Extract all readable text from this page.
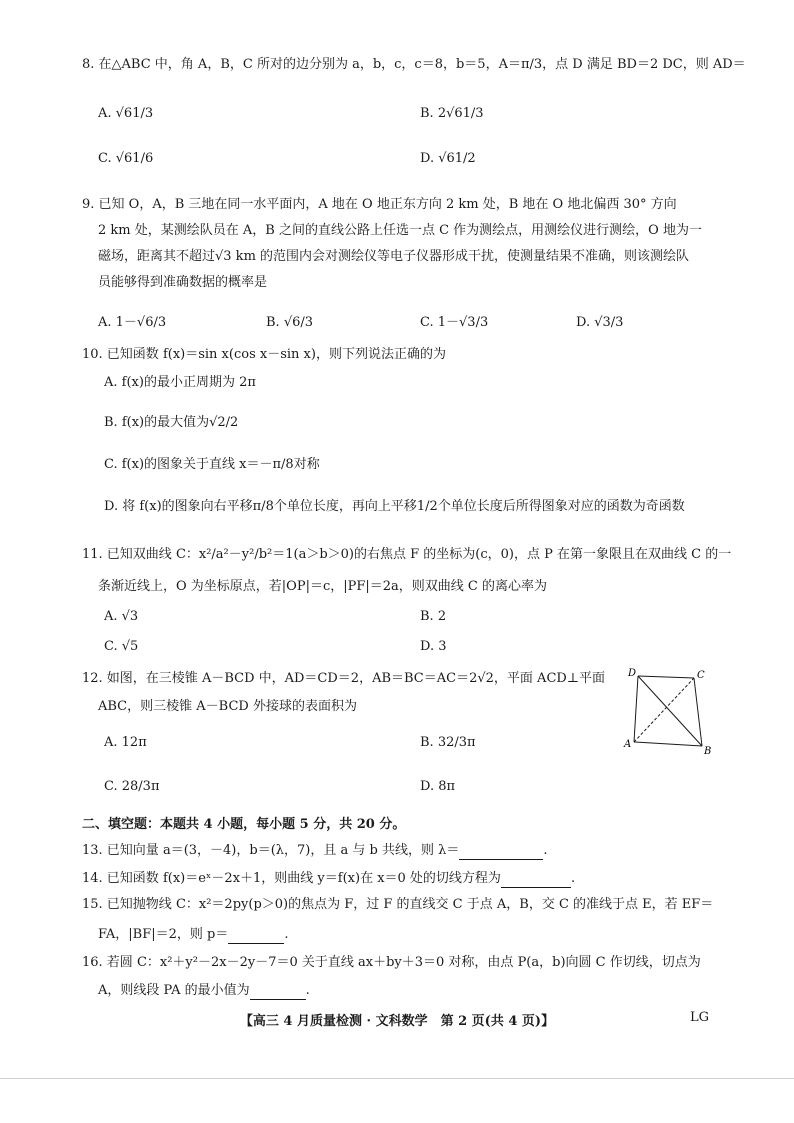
8. 在△ABC 中，角 A，B，C 所对的边分别为 a，b，c，c＝8，b＝5，A＝π/3，点 D 满足 BD＝2 DC，则 AD＝
A. √61/3	B. 2√61/3
C. √61/6	D. √61/2
9. 已知 O，A，B 三地在同一水平面内，A 地在 O 地正东方向 2 km 处，B 地在 O 地北偏西 30° 方向
2 km 处，某测绘队员在 A，B 之间的直线公路上任选一点 C 作为测绘点，用测绘仪进行测绘，O 地为一
磁场，距离其不超过√3 km 的范围内会对测绘仪等电子仪器形成干扰，使测量结果不准确，则该测绘队
员能够得到准确数据的概率是
A. 1－√6/3	B. √6/3	C. 1－√3/3	D. √3/3
10. 已知函数 f(x)＝sin x(cos x－sin x)，则下列说法正确的为
A. f(x)的最小正周期为 2π
B. f(x)的最大值为√2/2
C. f(x)的图象关于直线 x＝－π/8对称
D. 将 f(x)的图象向右平移π/8个单位长度，再向上平移1/2个单位长度后所得图象对应的函数为奇函数
11. 已知双曲线 C：x²/a²－y²/b²＝1(a＞b＞0)的右焦点 F 的坐标为(c，0)，点 P 在第一象限且在双曲线 C 的一
条渐近线上，O 为坐标原点，若|OP|＝c，|PF|＝2a，则双曲线 C 的离心率为
A. √3	B. 2
C. √5	D. 3
12. 如图，在三棱锥 A－BCD 中，AD＝CD＝2，AB＝BC＝AC＝2√2，平面 ACD⊥平面
ABC，则三棱锥 A－BCD 外接球的表面积为
A. 12π	B. 32/3π
C. 28/3π	D. 8π
D	C
A
B
二、填空题：本题共 4 小题，每小题 5 分，共 20 分。
13. 已知向量 a＝(3，－4)，b＝(λ，7)，且 a 与 b 共线，则 λ＝	.
14. 已知函数 f(x)＝eˣ－2x＋1，则曲线 y＝f(x)在 x＝0 处的切线方程为	.
15. 已知抛物线 C：x²＝2py(p＞0)的焦点为 F，过 F 的直线交 C 于点 A，B，交 C 的准线于点 E，若 EF＝
FA，|BF|＝2，则 p＝	.
16. 若圆 C：x²＋y²－2x－2y－7＝0 关于直线 ax＋by＋3＝0 对称，由点 P(a，b)向圆 C 作切线，切点为
A，则线段 PA 的最小值为	.
【高三 4 月质量检测 · 文科数学　第 2 页(共 4 页)】	LG
